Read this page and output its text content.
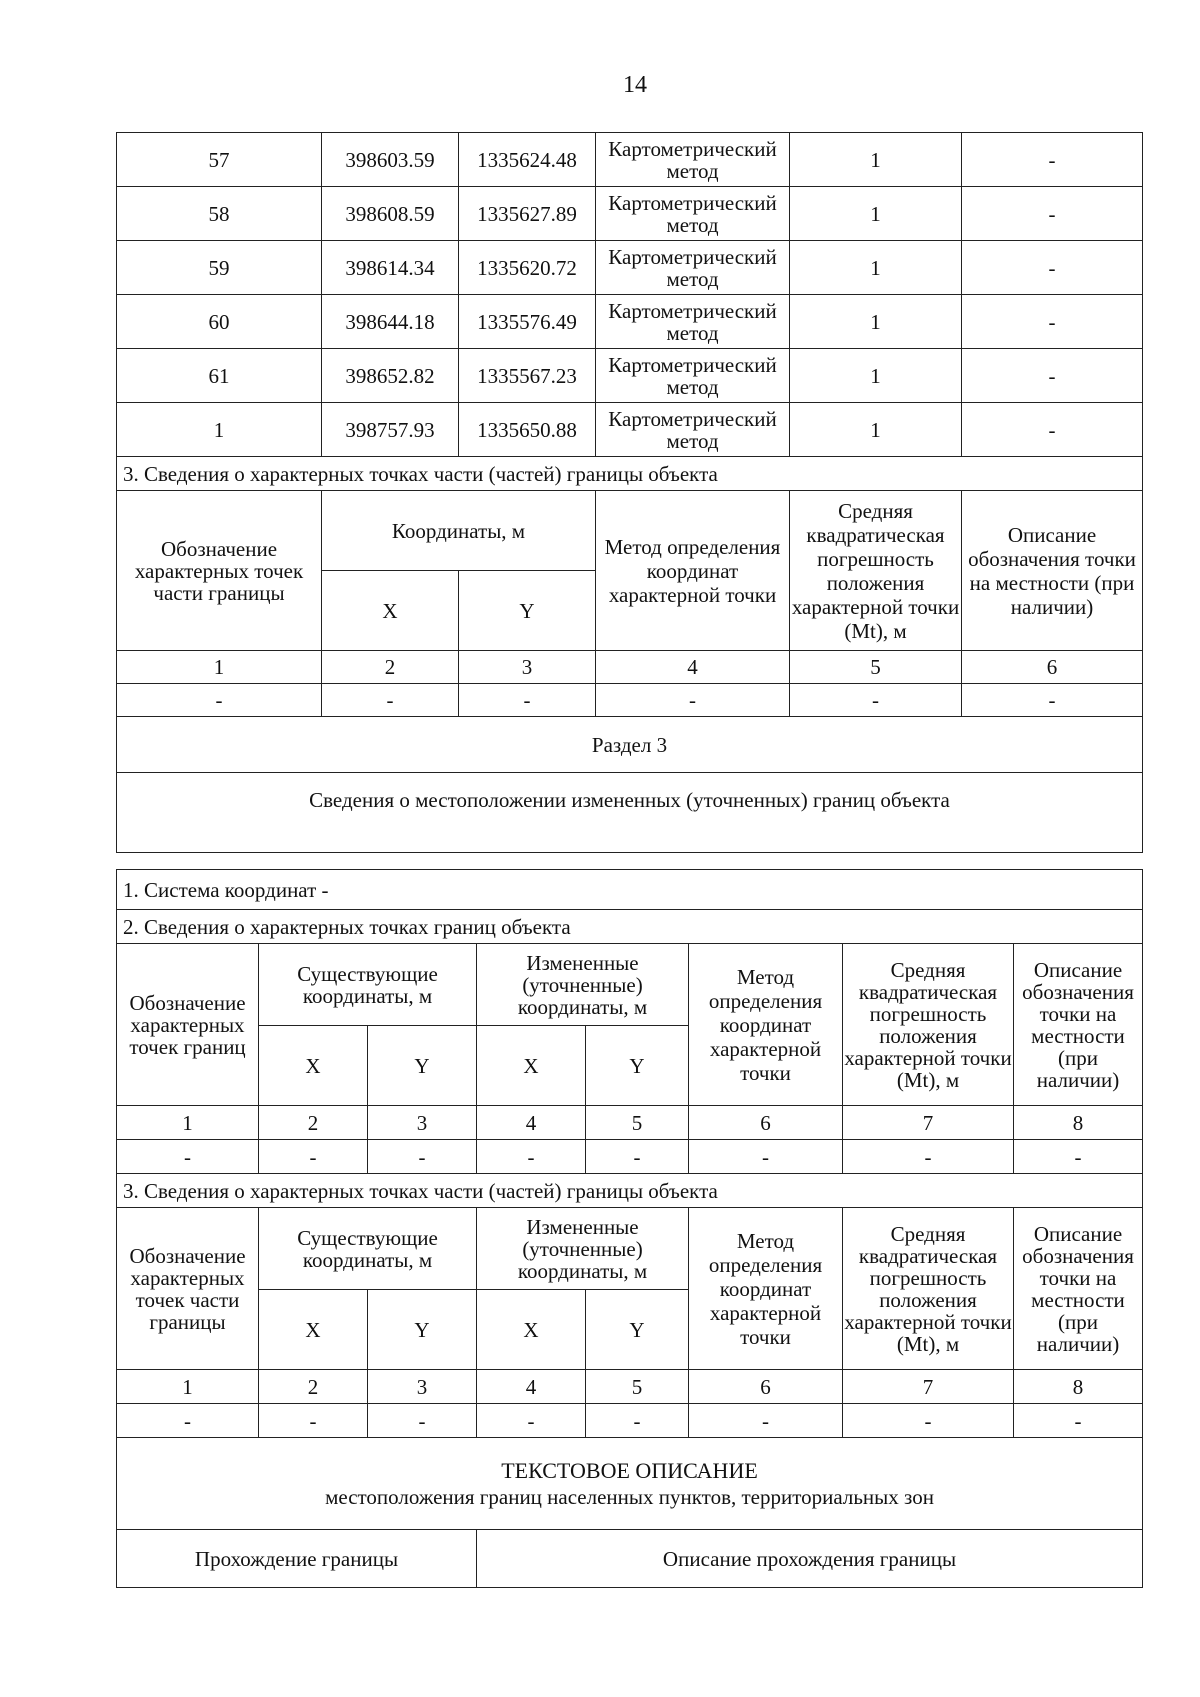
14
57	398603.59	1335624.48	Картометрический метод	1	-
58	398608.59	1335627.89	Картометрический метод	1	-
59	398614.34	1335620.72	Картометрический метод	1	-
60	398644.18	1335576.49	Картометрический метод	1	-
61	398652.82	1335567.23	Картометрический метод	1	-
1	398757.93	1335650.88	Картометрический метод	1	-
3. Сведения о характерных точках части (частей) границы объекта					
Обозначение характерных точек части границы	Координаты, м		Метод определения координат характерной точки	Средняя квадратическая погрешность положения характерной точки (Mt), м	Описание обозначения точки на местности (при наличии)
	X	Y			
1	2	3	4	5	6
-	-	-	-	-	-
Раздел 3					
Сведения о местоположении измененных (уточненных) границ объекта					
1. Система координат -							
2. Сведения о характерных точках границ объекта							
Обозначение характерных точек границ	Существующие координаты, м		Измененные (уточненные) координаты, м		Метод определения координат характерной точки	Средняя квадратическая погрешность положения характерной точки (Mt), м	Описание обозначения точки на местности (при наличии)
	X	Y	X	Y			
1	2	3	4	5	6	7	8
-	-	-	-	-	-	-	-
3. Сведения о характерных точках части (частей) границы объекта							
Обозначение характерных точек части границы	Существующие координаты, м		Измененные (уточненные) координаты, м		Метод определения координат характерной точки	Средняя квадратическая погрешность положения характерной точки (Mt), м	Описание обозначения точки на местности (при наличии)
	X	Y	X	Y			
1	2	3	4	5	6	7	8
-	-	-	-	-	-	-	-

ТЕКСТОВОЕ ОПИСАНИЕ
местоположения границ населенных пунктов, территориальных зон							

Прохождение границы			Описание прохождения границы				
